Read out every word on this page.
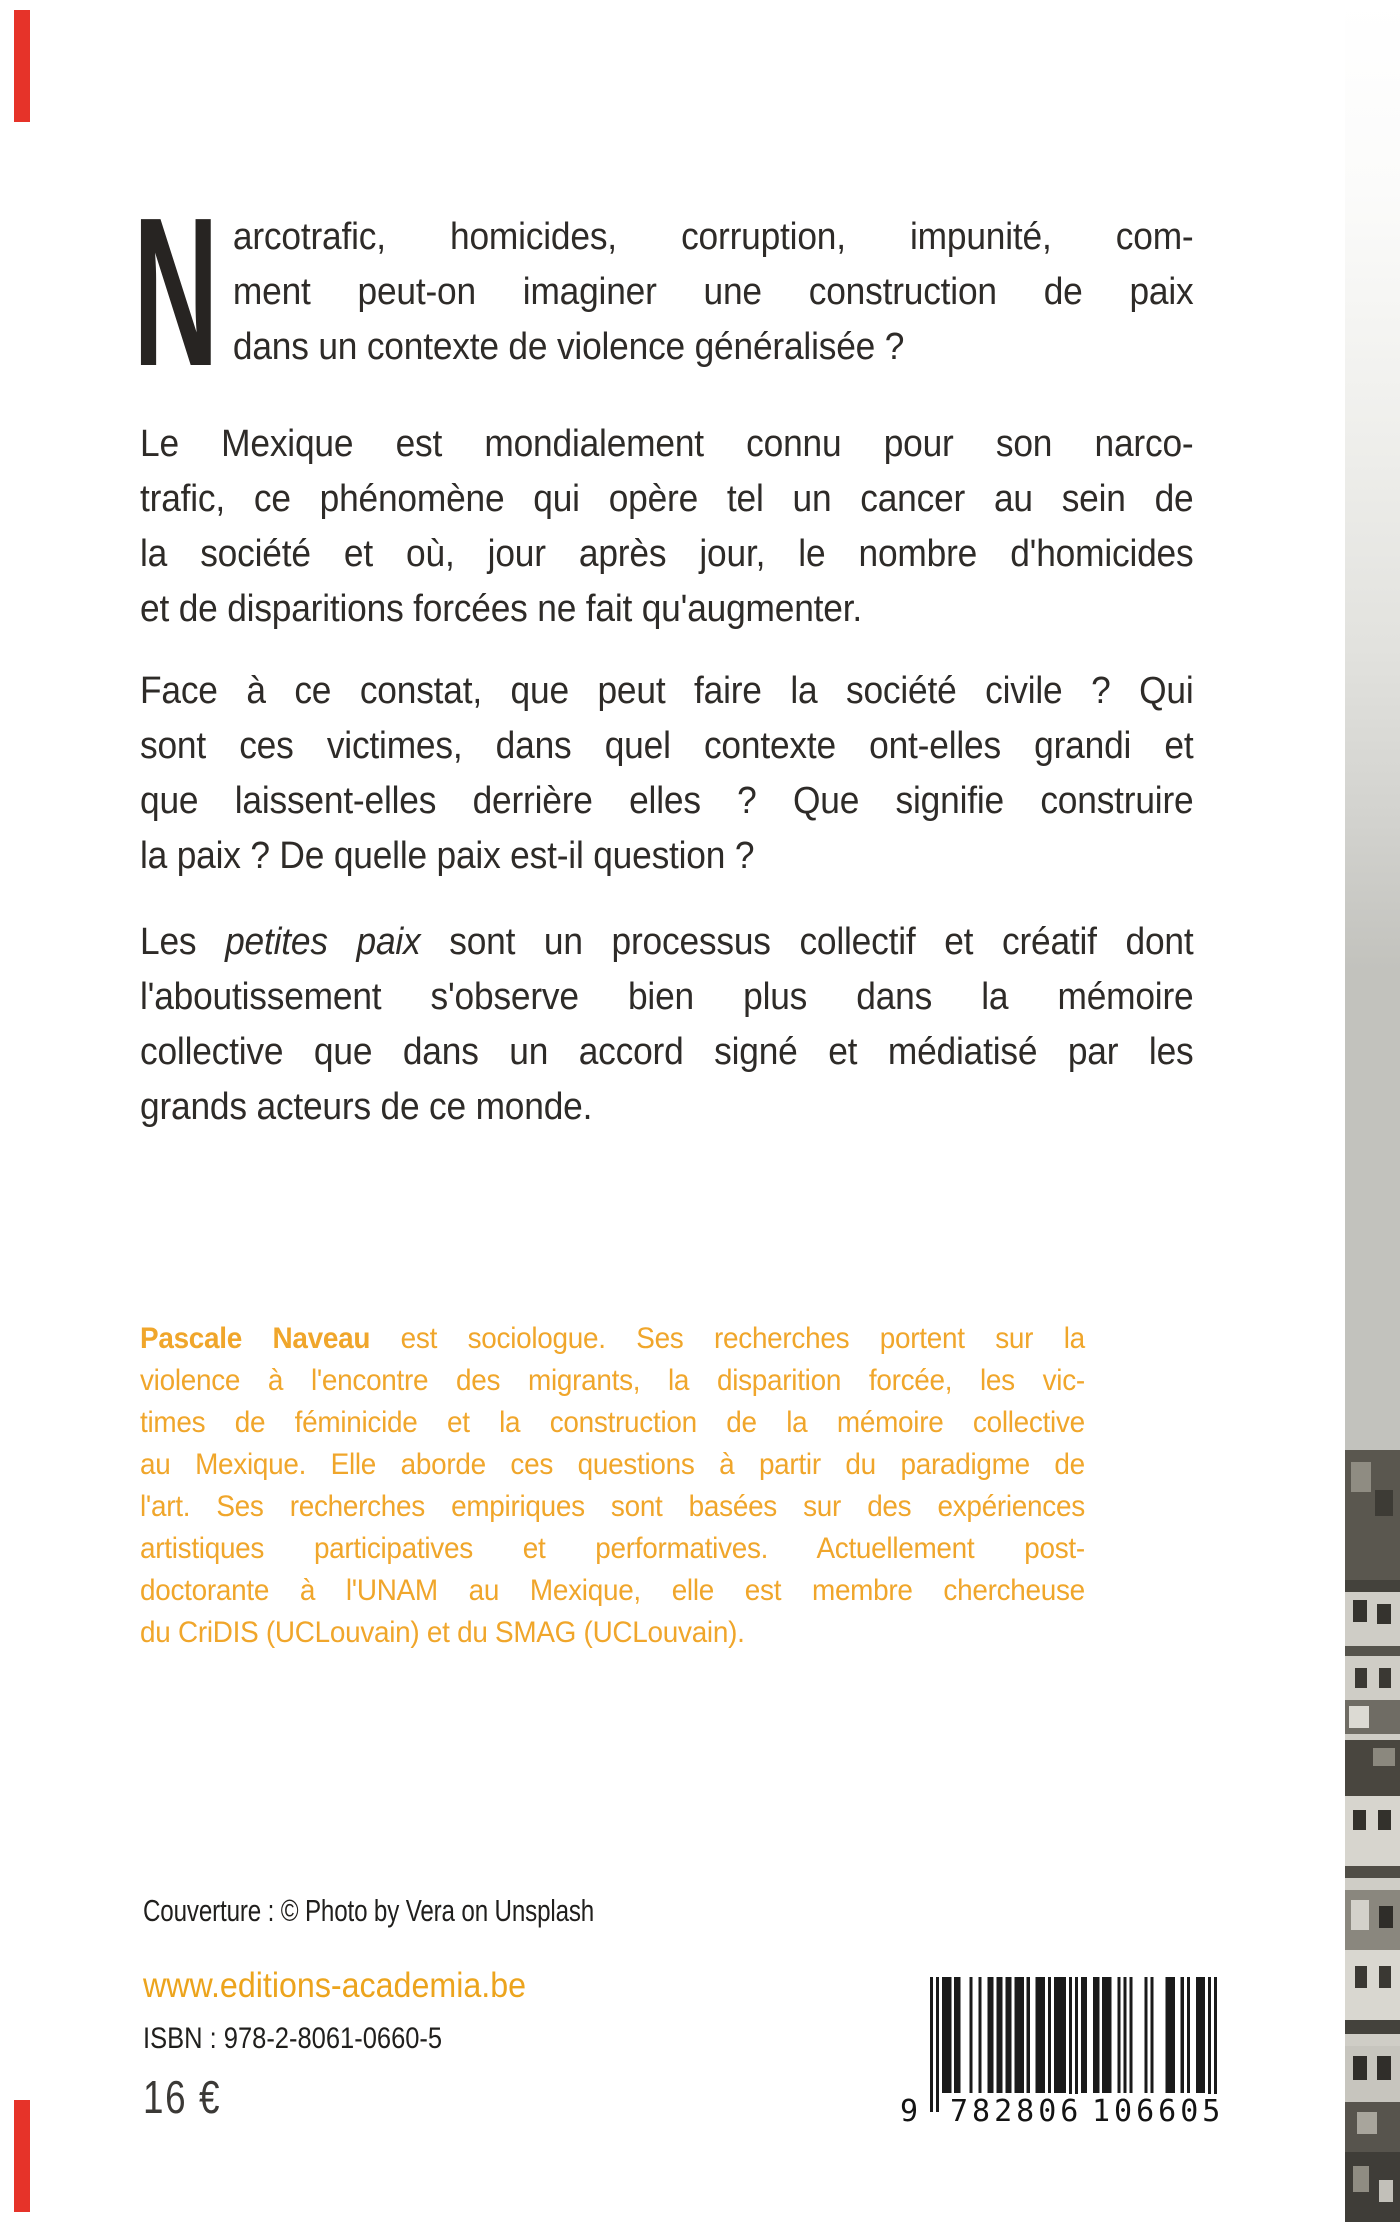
N arcotrafic, homicides, corruption, impunité, com-
ment peut-on imaginer une construction de paix
dans un contexte de violence généralisée ?
Le Mexique est mondialement connu pour son narco-
trafic, ce phénomène qui opère tel un cancer au sein de
la société et où, jour après jour, le nombre d'homicides
et de disparitions forcées ne fait qu'augmenter.
Face à ce constat, que peut faire la société civile ? Qui
sont ces victimes, dans quel contexte ont-elles grandi et
que laissent-elles derrière elles ? Que signifie construire
la paix ? De quelle paix est-il question ?
Les petites paix sont un processus collectif et créatif dont
l'aboutissement s'observe bien plus dans la mémoire
collective que dans un accord signé et médiatisé par les
grands acteurs de ce monde.
Pascale Naveau est sociologue. Ses recherches portent sur la
violence à l'encontre des migrants, la disparition forcée, les vic-
times de féminicide et la construction de la mémoire collective
au Mexique. Elle aborde ces questions à partir du paradigme de
l'art. Ses recherches empiriques sont basées sur des expériences
artistiques participatives et performatives. Actuellement post-
doctorante à l'UNAM au Mexique, elle est membre chercheuse
du CriDIS (UCLouvain) et du SMAG (UCLouvain).
Couverture : © Photo by Vera on Unsplash
www.editions-academia.be
ISBN : 978-2-8061-0660-5
16 €	9 782806 106605
